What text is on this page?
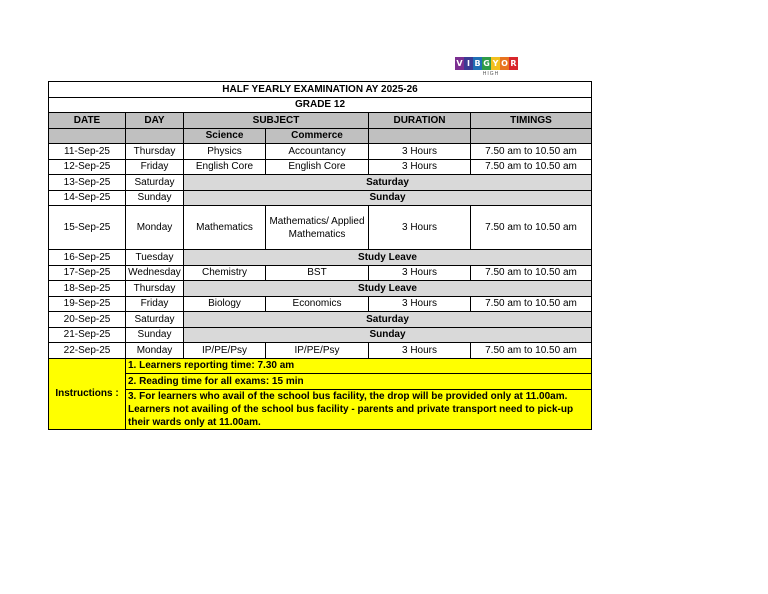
V I B G Y O R
HIGH
HALF YEARLY EXAMINATION AY 2025-26					
GRADE 12					
DATE	DAY	SUBJECT		DURATION	TIMINGS
		Science	Commerce		
11-Sep-25	Thursday	Physics	Accountancy	3 Hours	7.50 am to 10.50 am
12-Sep-25	Friday	English Core	English Core	3 Hours	7.50 am to 10.50 am
13-Sep-25	Saturday	Saturday			
14-Sep-25	Sunday	Sunday			
15-Sep-25	Monday	Mathematics	Mathematics/ Applied Mathematics	3 Hours	7.50 am to 10.50 am
16-Sep-25	Tuesday	Study Leave			
17-Sep-25	Wednesday	Chemistry	BST	3 Hours	7.50 am to 10.50 am
18-Sep-25	Thursday	Study Leave			
19-Sep-25	Friday	Biology	Economics	3 Hours	7.50 am to 10.50 am
20-Sep-25	Saturday	Saturday			
21-Sep-25	Sunday	Sunday			
22-Sep-25	Monday	IP/PE/Psy	IP/PE/Psy	3 Hours	7.50 am to 10.50 am
Instructions :	1. Learners reporting time: 7.30 am				
	2. Reading time for all exams: 15 min				
	3. For learners who avail of the school bus facility, the drop will be provided only at 11.00am. Learners not availing of the school bus facility - parents and private transport need to pick-up their wards only at 11.00am.				
